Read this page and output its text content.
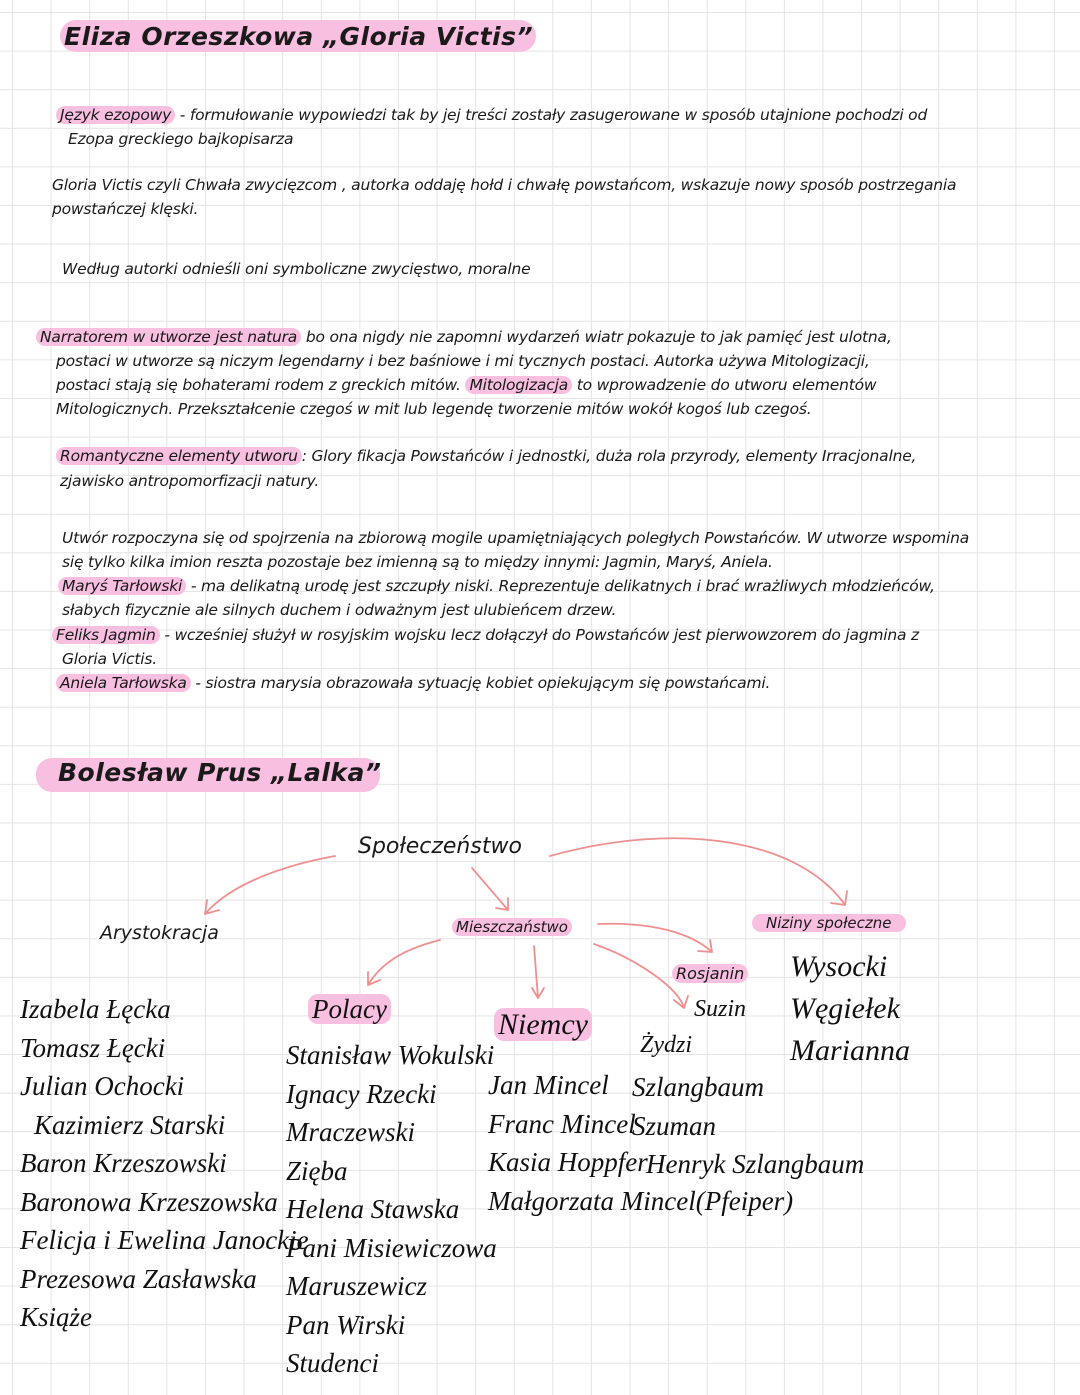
Eliza Orzeszkowa „Gloria Victis”
Język ezopowy - formułowanie wypowiedzi tak by jej treści zostały zasugerowane w sposób utajnione pochodzi od
Ezopa greckiego bajkopisarza
Gloria Victis czyli Chwała zwycięzcom , autorka oddaję hołd i chwałę powstańcom, wskazuje nowy sposób postrzegania
powstańczej klęski.
Według autorki odnieśli oni symboliczne zwycięstwo, moralne
Narratorem w utworze jest natura bo ona nigdy nie zapomni wydarzeń wiatr pokazuje to jak pamięć jest ulotna,
postaci w utworze są niczym legendarny i bez baśniowe i mi tycznych postaci. Autorka używa Mitologizacji,
postaci stają się bohaterami rodem z greckich mitów. Mitologizacja to wprowadzenie do utworu elementów
Mitologicznych. Przekształcenie czegoś w mit lub legendę tworzenie mitów wokół kogoś lub czegoś.
Romantyczne elementy utworu : Glory fikacja Powstańców i jednostki, duża rola przyrody, elementy Irracjonalne,
zjawisko antropomorfizacji natury.
Utwór rozpoczyna się od spojrzenia na zbiorową mogile upamiętniających poległych Powstańców. W utworze wspomina
się tylko kilka imion reszta pozostaje bez imienną są to między innymi: Jagmin, Maryś, Aniela.
Maryś Tarłowski - ma delikatną urodę jest szczupły niski. Reprezentuje delikatnych i brać wrażliwych młodzieńców,
słabych fizycznie ale silnych duchem i odważnym jest ulubieńcem drzew.
Feliks Jagmin - wcześniej służył w rosyjskim wojsku lecz dołączył do Powstańców jest pierwowzorem do jagmina z
Gloria Victis.
Aniela Tarłowska - siostra marysia obrazowała sytuację kobiet opiekującym się powstańcami.
Bolesław Prus „Lalka”
Społeczeństwo
Arystokracja	Mieszczaństwo	Niziny społeczne
Rosjanin
Polacy	Niemcy
Żydzi
Izabela Łęcka
Tomasz Łęcki
Julian Ochocki
Kazimierz Starski
Baron Krzeszowski
Baronowa Krzeszowska
Felicja i Ewelina Janockie
Prezesowa Zasławska
Książe
Stanisław Wokulski
Ignacy Rzecki
Mraczewski
Zięba
Helena Stawska
Pani Misiewiczowa
Maruszewicz
Pan Wirski
Studenci
Jan Mincel
Franc Mincel
Kasia Hoppfer
Małgorzata Mincel(Pfeiper)
Szlangbaum
Szuman
Henryk Szlangbaum
Suzin
Wysocki
Węgiełek
Marianna
